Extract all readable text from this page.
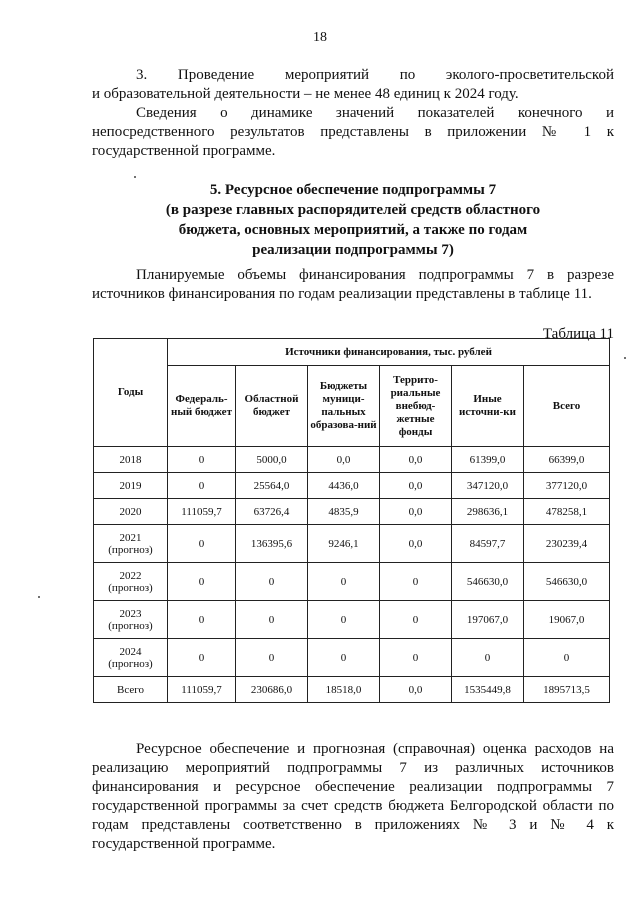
18
3. Проведение мероприятий по эколого-просветительской
и образовательной деятельности – не менее 48 единиц к 2024 году.
Сведения о динамике значений показателей конечного и непосредственного результатов представлены в приложении № 1 к государственной программе.
5. Ресурсное обеспечение подпрограммы 7
(в разрезе главных распорядителей средств областного
бюджета, основных мероприятий, а также по годам
реализации подпрограммы 7)
Планируемые объемы финансирования подпрограммы 7 в разрезе источников финансирования по годам реализации представлены в таблице 11.
Таблица 11
Годы	Источники финансирования, тыс. рублей					
	Федераль-ный бюджет	Областной бюджет	Бюджеты муници-пальных образова-ний	Террито-риальные внебюд-жетные фонды	Иные источни-ки	Всего

2018	0	5000,0	0,0	0,0	61399,0	66399,0

2019	0	25564,0	4436,0	0,0	347120,0	377120,0

2020	111059,7	63726,4	4835,9	0,0	298636,1	478258,1

2021
(прогноз)	0	136395,6	9246,1	0,0	84597,7	230239,4

2022
(прогноз)	0	0	0	0	546630,0	546630,0

2023
(прогноз)	0	0	0	0	197067,0	19067,0

2024
(прогноз)	0	0	0	0	0	0

Всего	111059,7	230686,0	18518,0	0,0	1535449,8	1895713,5
Ресурсное обеспечение и прогнозная (справочная) оценка расходов на реализацию мероприятий подпрограммы 7 из различных источников финансирования и ресурсное обеспечение реализации подпрограммы 7 государственной программы за счет средств бюджета Белгородской области по годам представлены соответственно в приложениях № 3 и № 4 к государственной программе.
